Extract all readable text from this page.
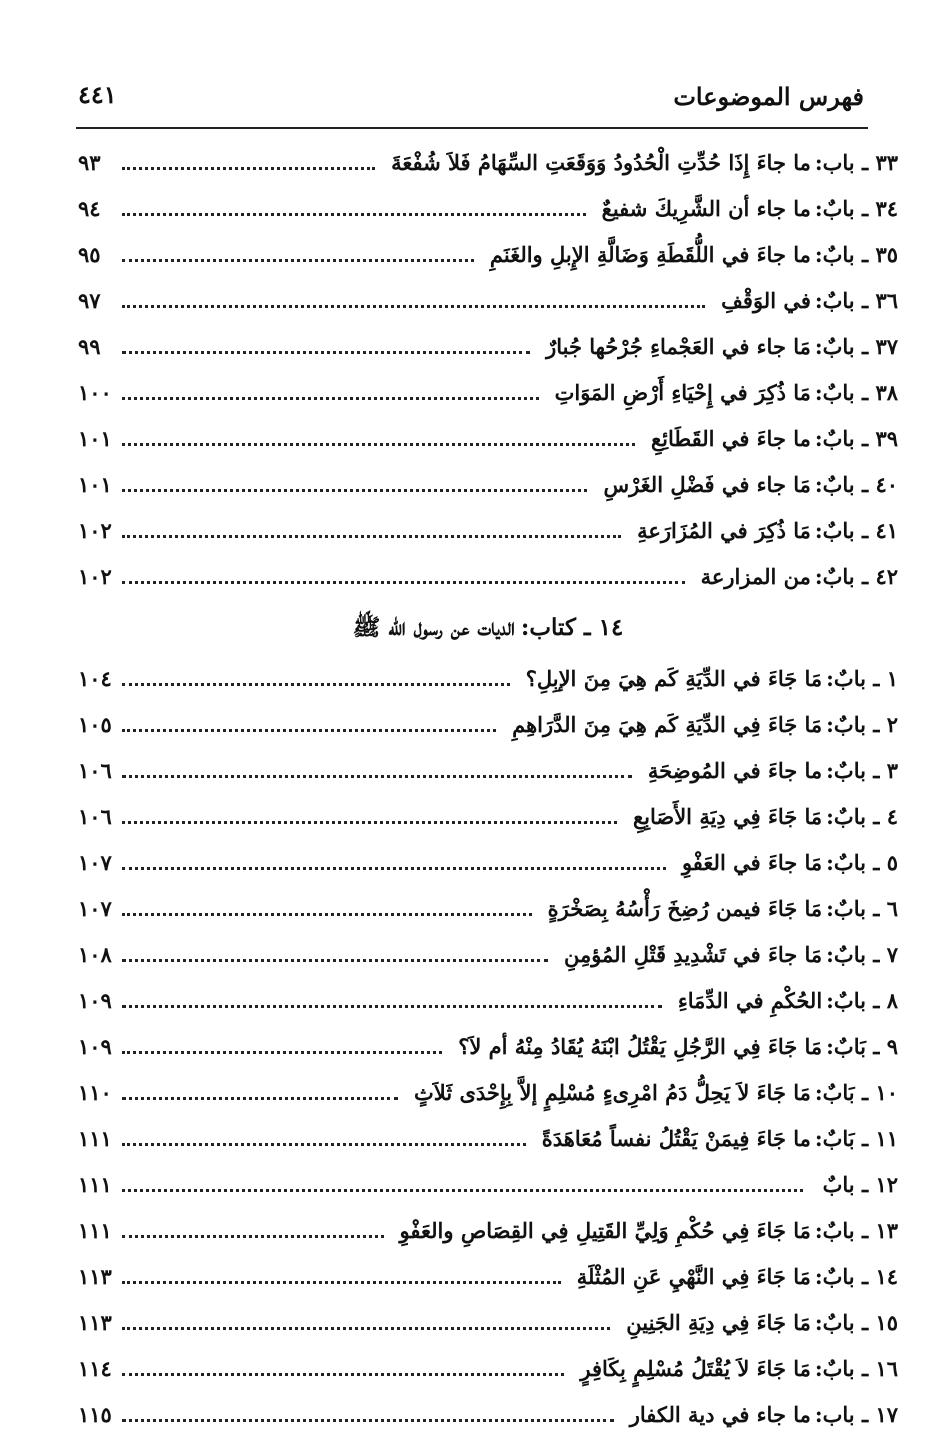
فهرس الموضوعات
٤٤١
٣٣ ـ باب:
ما جاءَ إِذَا حُدِّتِ الْحُدُودُ وَوَقَعَتِ السِّهَامُ فَلاَ شُفْعَةَ
٩٣
٣٤ ـ بابٌ:
ما جاء أن الشَّرِيكَ شفيعٌ
٩٤
٣٥ ـ بابٌ:
ما جاءَ في اللُّقَطَةِ وَضَالَّةِ الإِبلِ والغَنَمِ
٩٥
٣٦ ـ بابٌ:
في الوَقْفِ
٩٧
٣٧ ـ بابٌ:
مَا جاء في العَجْماءِ جُرْحُها جُبارٌ
٩٩
٣٨ ـ بابٌ:
مَا ذُكِرَ في إِحْيَاءِ أَرْضِ المَوَاتِ
١٠٠
٣٩ ـ بابٌ:
ما جاءَ في القَطَائِعِ
١٠١
٤٠ ـ بابٌ:
مَا جاء في فَضْلِ الغَرْسِ
١٠١
٤١ ـ بابٌ:
مَا ذُكِرَ في المُزَارَعةِ
١٠٢
٤٢ ـ بابٌ:
من المزارعة
١٠٢
١٤ ـ كتاب:الديات عن رسول الله ﷺ
١ ـ بابٌ:
مَا جَاءَ في الدِّيَةِ كَم هِيَ مِنَ الإبِلِ؟
١٠٤
٢ ـ بابٌ:
مَا جَاءَ فِي الدِّيَةِ كَم هِيَ مِنَ الدَّرَاهِمِ
١٠٥
٣ ـ بابٌ:
ما جاءَ في المُوضِحَةِ
١٠٦
٤ ـ بابٌ:
مَا جَاءَ فِي دِيَةِ الأَصَابِعِ
١٠٦
٥ ـ بابٌ:
مَا جاءَ في العَفْوِ
١٠٧
٦ ـ بابٌ:
مَا جَاءَ فيمن رُضِخَ رَأْسُهُ بِصَخْرَةٍ
١٠٧
٧ ـ بابٌ:
مَا جاءَ في تَشْدِيدِ قَتْلِ المُؤمِنِ
١٠٨
٨ ـ بابٌ:
الحُكْمِ في الدِّمَاءِ
١٠٩
٩ ـ بَابٌ:
مَا جَاءَ فِي الرَّجُلِ يَقْتُلُ ابْنَهُ يُقَادُ مِنْهُ أم لاَ؟
١٠٩
١٠ ـ بَابٌ:
مَا جَاءَ لاَ يَحِلُّ دَمُ امْرِىءٍ مُسْلِمٍ إلاَّ بِإِحْدَى ثَلاَثٍ
١١٠
١١ ـ بَابٌ:
ما جَاءَ فِيمَنْ يَقْتُلُ نفساً مُعَاهَدَةً
١١١
١٢ ـ بابٌ
١١١
١٣ ـ بابٌ:
مَا جَاءَ فِي حُكْمِ وَلِيِّ القَتِيلِ فِي القِصَاصِ والعَفْوِ
١١١
١٤ ـ بابٌ:
مَا جَاءَ فِي النَّهْيِ عَنِ المُثْلَةِ
١١٣
١٥ ـ بابٌ:
مَا جَاءَ فِي دِيَةِ الجَنِينِ
١١٣
١٦ ـ بابٌ:
مَا جَاءَ لاَ يُقْتَلُ مُسْلِمٍ بِكَافِرٍ
١١٤
١٧ ـ باب:
ما جاء في دية الكفار
١١٥
